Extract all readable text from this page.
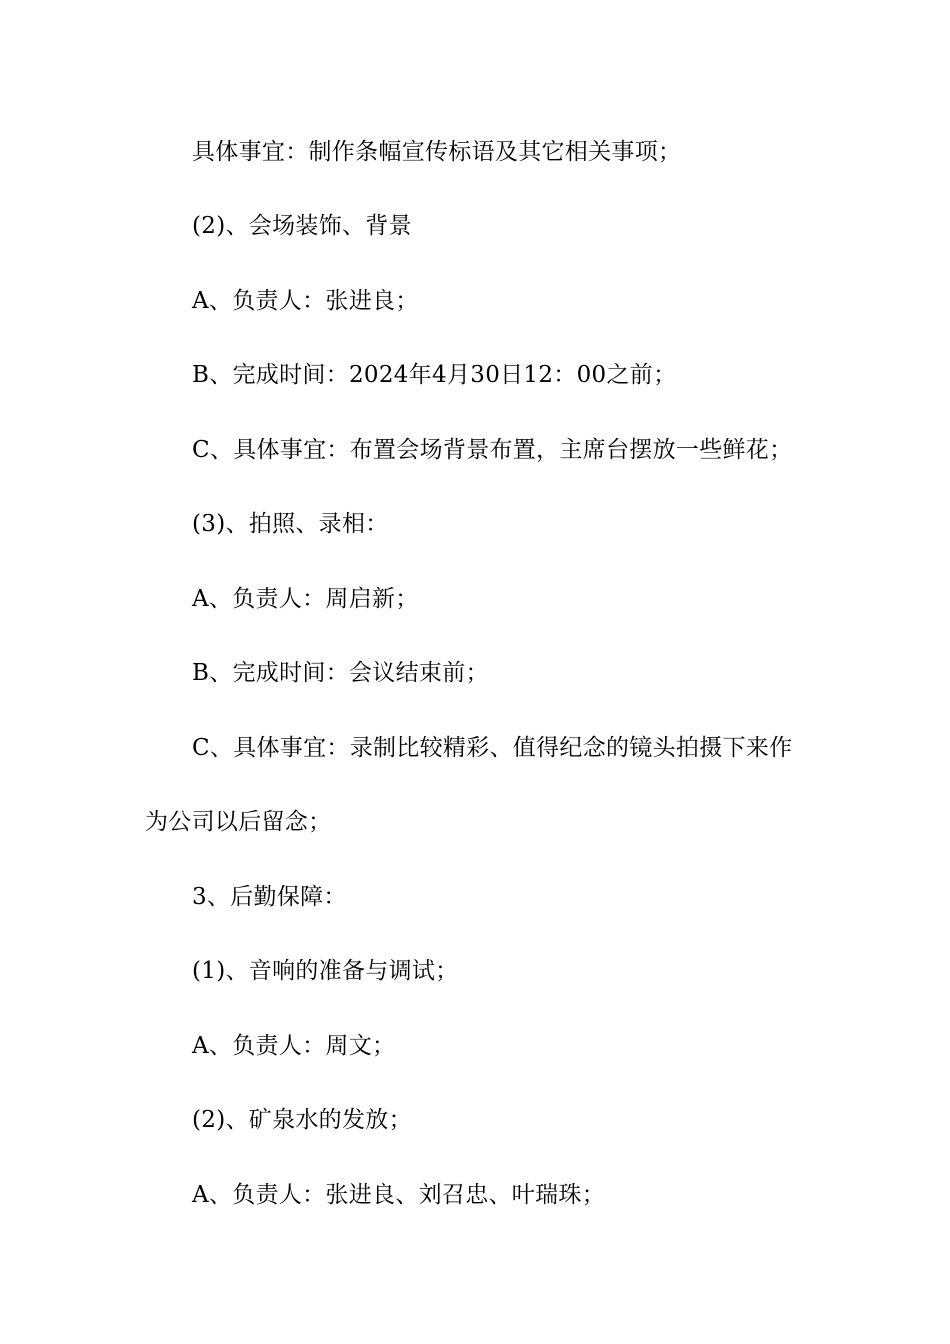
具体事宜：制作条幅宣传标语及其它相关事项；
(2)、会场装饰、背景
A、负责人：张进良；
B、完成时间：2024年4月30日12：00之前；
C、具体事宜：布置会场背景布置，主席台摆放一些鲜花；
(3)、拍照、录相：
A、负责人：周启新；
B、完成时间：会议结束前；
C、具体事宜：录制比较精彩、值得纪念的镜头拍摄下来作
为公司以后留念；
3、后勤保障：
(1)、音响的准备与调试；
A、负责人：周文；
(2)、矿泉水的发放；
A、负责人：张进良、刘召忠、叶瑞珠；
